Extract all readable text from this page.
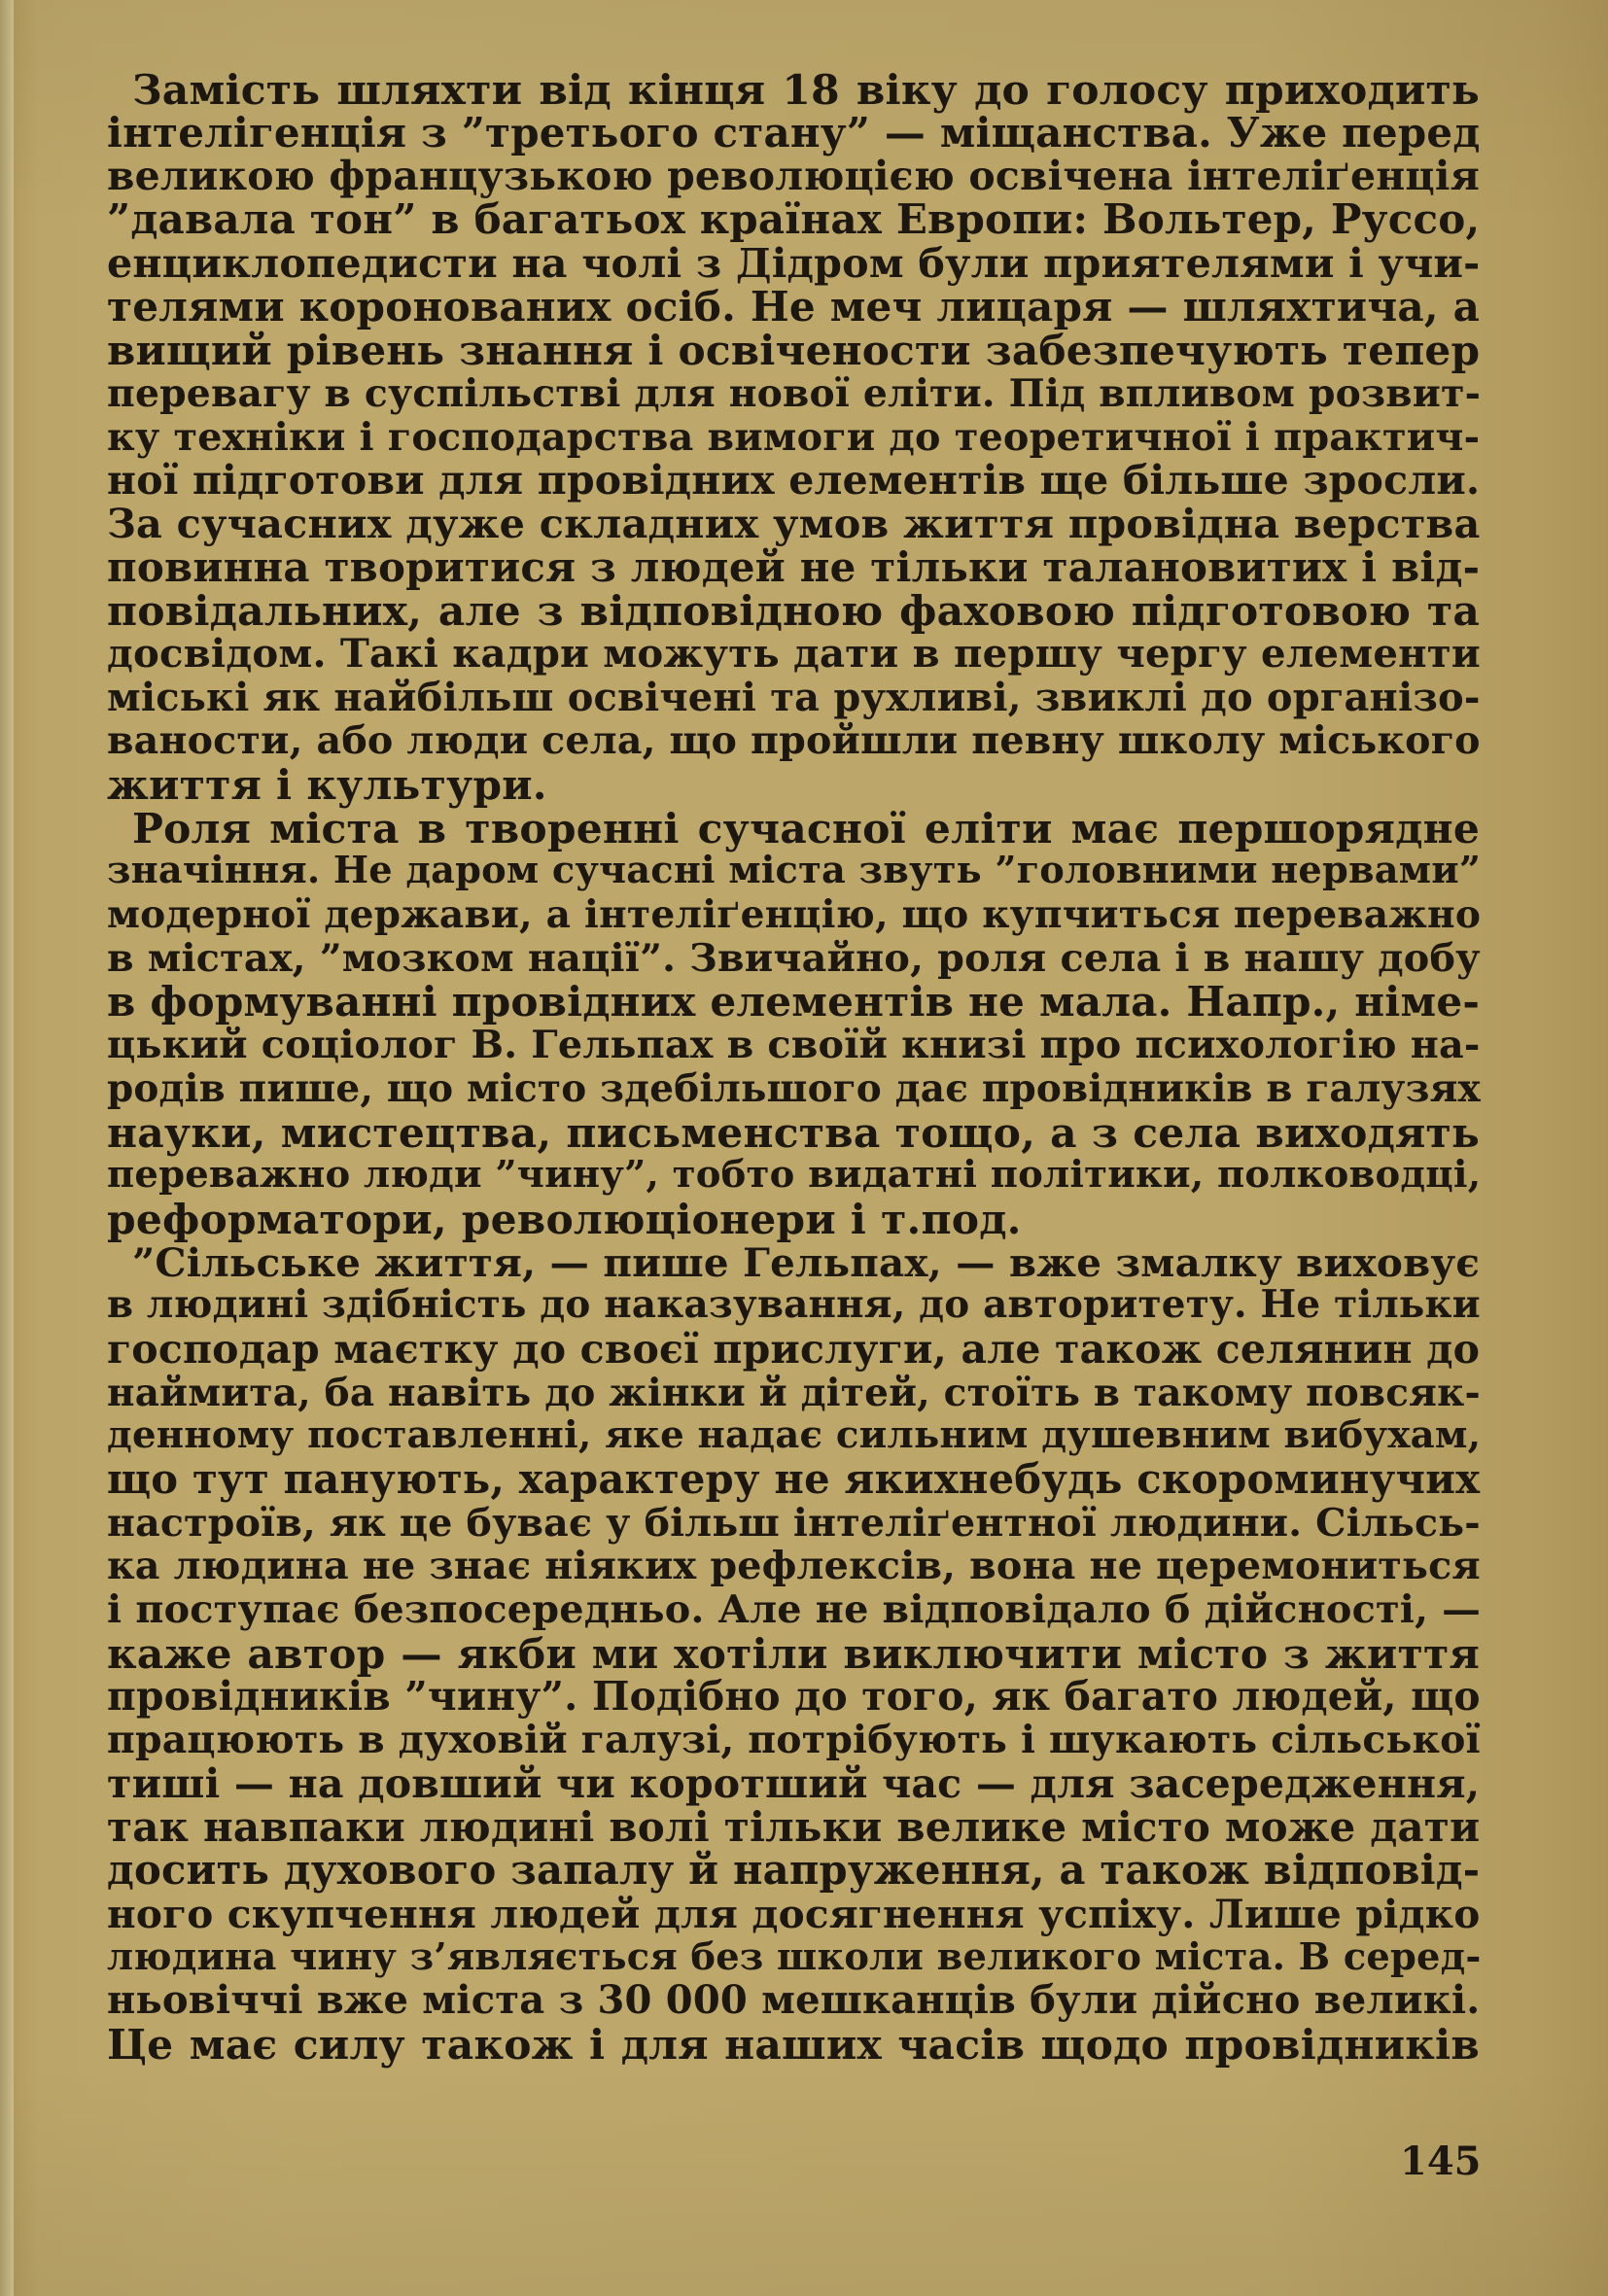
Замість шляхти від кінця 18 віку до голосу приходить
інтелігенція з ”третього стану” — міщанства. Уже перед
великою французькою революцією освічена інтеліґенція
”давала тон” в багатьох країнах Европи: Вольтер, Руссо,
енциклопедисти на чолі з Дідром були приятелями і учи-
телями коронованих осіб. Не меч лицаря — шляхтича, а
вищий рівень знання і освічености забезпечують тепер
перевагу в суспільстві для нової еліти. Під впливом розвит-
ку техніки і господарства вимоги до теоретичної і практич-
ної підготови для провідних елементів ще більше зросли.
За сучасних дуже складних умов життя провідна верства
повинна творитися з людей не тільки талановитих і від-
повідальних, але з відповідною фаховою підготовою та
досвідом. Такі кадри можуть дати в першу чергу елементи
міські як найбільш освічені та рухливі, звиклі до організо-
ваности, або люди села, що пройшли певну школу міського
життя і культури.
Роля міста в творенні сучасної еліти має першорядне
значіння. Не даром сучасні міста звуть ”головними нервами”
модерної держави, а інтеліґенцію, що купчиться переважно
в містах, ”мозком нації”. Звичайно, роля села і в нашу добу
в формуванні провідних елементів не мала. Напр., німе-
цький соціолог В. Гельпах в своїй книзі про психологію на-
родів пише, що місто здебільшого дає провідників в галузях
науки, мистецтва, письменства тощо, а з села виходять
переважно люди ”чину”, тобто видатні політики, полководці,
реформатори, революціонери і т.под.
”Сільське життя, — пише Гельпах, — вже змалку виховує
в людині здібність до наказування, до авторитету. Не тільки
господар маєтку до своєї прислуги, але також селянин до
наймита, ба навіть до жінки й дітей, стоїть в такому повсяк-
денному поставленні, яке надає сильним душевним вибухам,
що тут панують, характеру не якихнебудь скороминучих
настроїв, як це буває у більш інтеліґентної людини. Сільсь-
ка людина не знає ніяких рефлексів, вона не церемониться
і поступає безпосередньо. Але не відповідало б дійсності, —
каже автор — якби ми хотіли виключити місто з життя
провідників ”чину”. Подібно до того, як багато людей, що
працюють в духовій галузі, потрібують і шукають сільської
тиші — на довший чи коротший час — для засередження,
так навпаки людині волі тільки велике місто може дати
досить духового запалу й напруження, а також відповід-
ного скупчення людей для досягнення успіху. Лише рідко
людина чину з’являється без школи великого міста. В серед-
ньовіччі вже міста з 30 000 мешканців були дійсно великі.
Це має силу також і для наших часів щодо провідників
145
